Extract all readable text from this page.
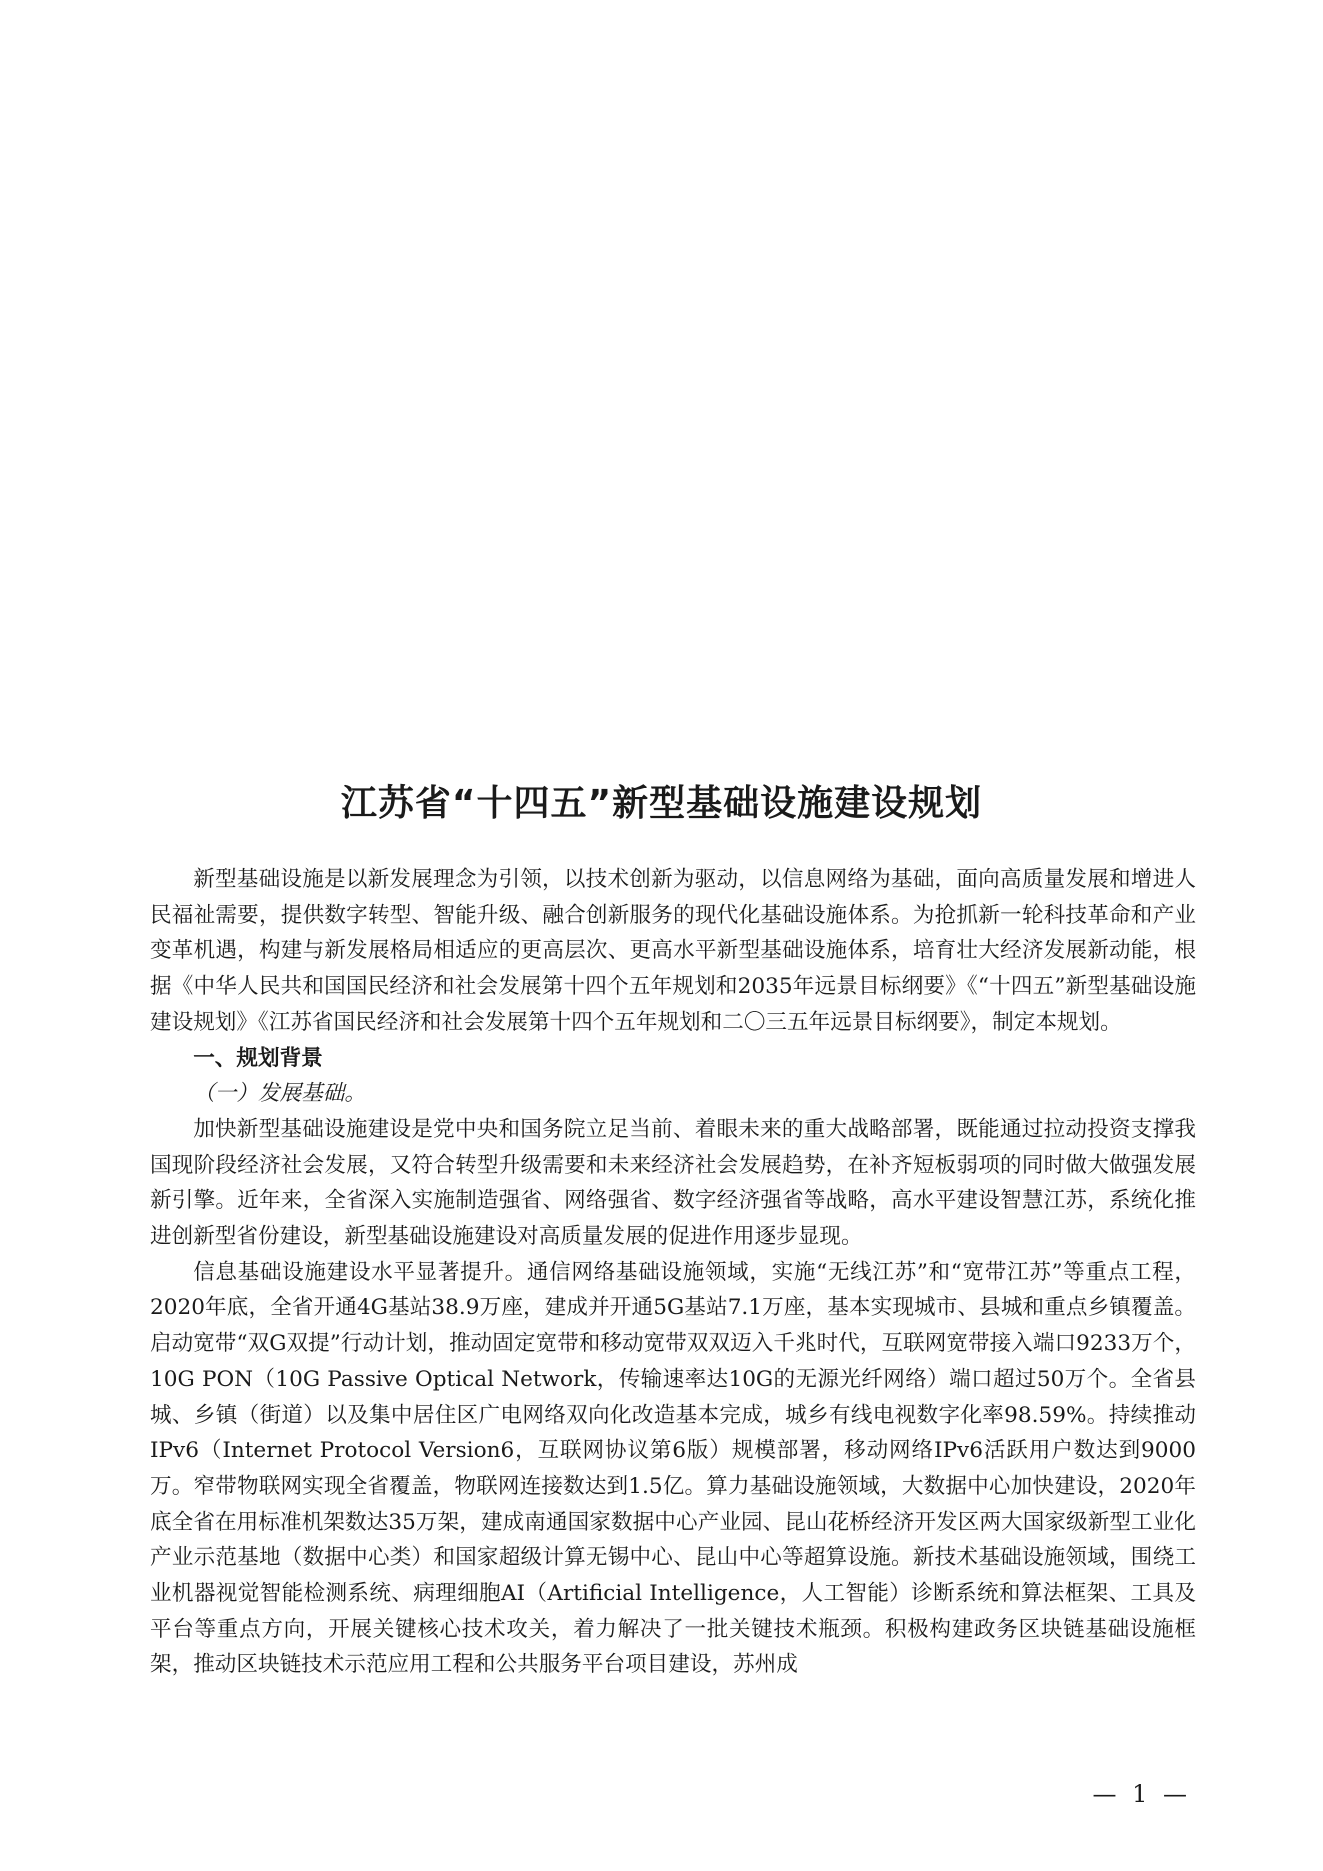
江苏省“十四五”新型基础设施建设规划

新型基础设施是以新发展理念为引领，以技术创新为驱动，以信息网络为基础，面向高质量发展和增进人民福祉需要，提供数字转型、智能升级、融合创新服务的现代化基础设施体系。为抢抓新一轮科技革命和产业变革机遇，构建与新发展格局相适应的更高层次、更高水平新型基础设施体系，培育壮大经济发展新动能，根据《中华人民共和国国民经济和社会发展第十四个五年规划和2035年远景目标纲要》《“十四五”新型基础设施建设规划》《江苏省国民经济和社会发展第十四个五年规划和二〇三五年远景目标纲要》，制定本规划。

一、规划背景

（一）发展基础。

加快新型基础设施建设是党中央和国务院立足当前、着眼未来的重大战略部署，既能通过拉动投资支撑我国现阶段经济社会发展，又符合转型升级需要和未来经济社会发展趋势，在补齐短板弱项的同时做大做强发展新引擎。近年来，全省深入实施制造强省、网络强省、数字经济强省等战略，高水平建设智慧江苏，系统化推进创新型省份建设，新型基础设施建设对高质量发展的促进作用逐步显现。

信息基础设施建设水平显著提升。通信网络基础设施领域，实施“无线江苏”和“宽带江苏”等重点工程，2020年底，全省开通4G基站38.9万座，建成并开通5G基站7.1万座，基本实现城市、县城和重点乡镇覆盖。启动宽带“双G双提”行动计划，推动固定宽带和移动宽带双双迈入千兆时代，互联网宽带接入端口9233万个，10G PON（10G Passive Optical Network，传输速率达10G的无源光纤网络）端口超过50万个。全省县城、乡镇（街道）以及集中居住区广电网络双向化改造基本完成，城乡有线电视数字化率98.59%。持续推动IPv6（Internet Protocol Version6，互联网协议第6版）规模部署，移动网络IPv6活跃用户数达到9000万。窄带物联网实现全省覆盖，物联网连接数达到1.5亿。算力基础设施领域，大数据中心加快建设，2020年底全省在用标准机架数达35万架，建成南通国家数据中心产业园、昆山花桥经济开发区两大国家级新型工业化产业示范基地（数据中心类）和国家超级计算无锡中心、昆山中心等超算设施。新技术基础设施领域，围绕工业机器视觉智能检测系统、病理细胞AI（Artificial Intelligence，人工智能）诊断系统和算法框架、工具及平台等重点方向，开展关键核心技术攻关，着力解决了一批关键技术瓶颈。积极构建政务区块链基础设施框架，推动区块链技术示范应用工程和公共服务平台项目建设，苏州成

— 1 —
